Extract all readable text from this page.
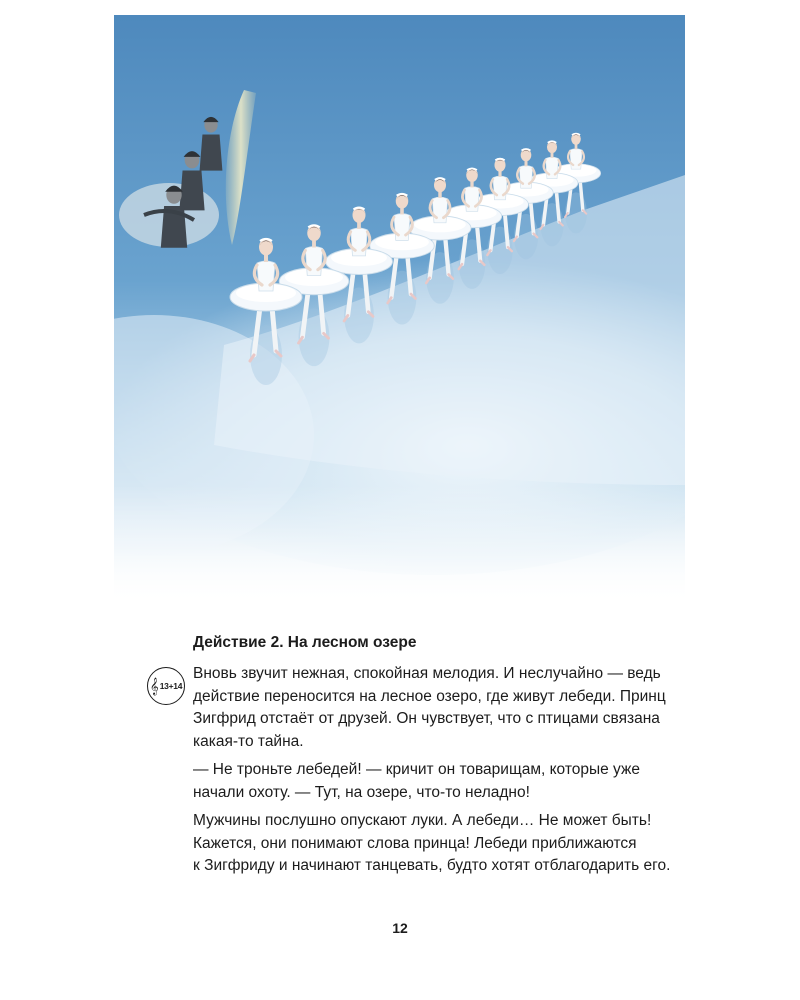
𝄞 13+14
Действие 2. На лесном озере
Вновь звучит нежная, спокойная мелодия. И неслучайно — ведь
действие переносится на лесное озеро, где живут лебеди. Принц
Зигфрид отстаёт от друзей. Он чувствует, что с птицами связана
какая-то тайна.
— Не троньте лебедей! — кричит он товарищам, которые уже
начали охоту. — Тут, на озере, что-то неладно!
Мужчины послушно опускают луки. А лебеди… Не может быть!
Кажется, они понимают слова принца! Лебеди приближаются
к Зигфриду и начинают танцевать, будто хотят отблагодарить его.
12
